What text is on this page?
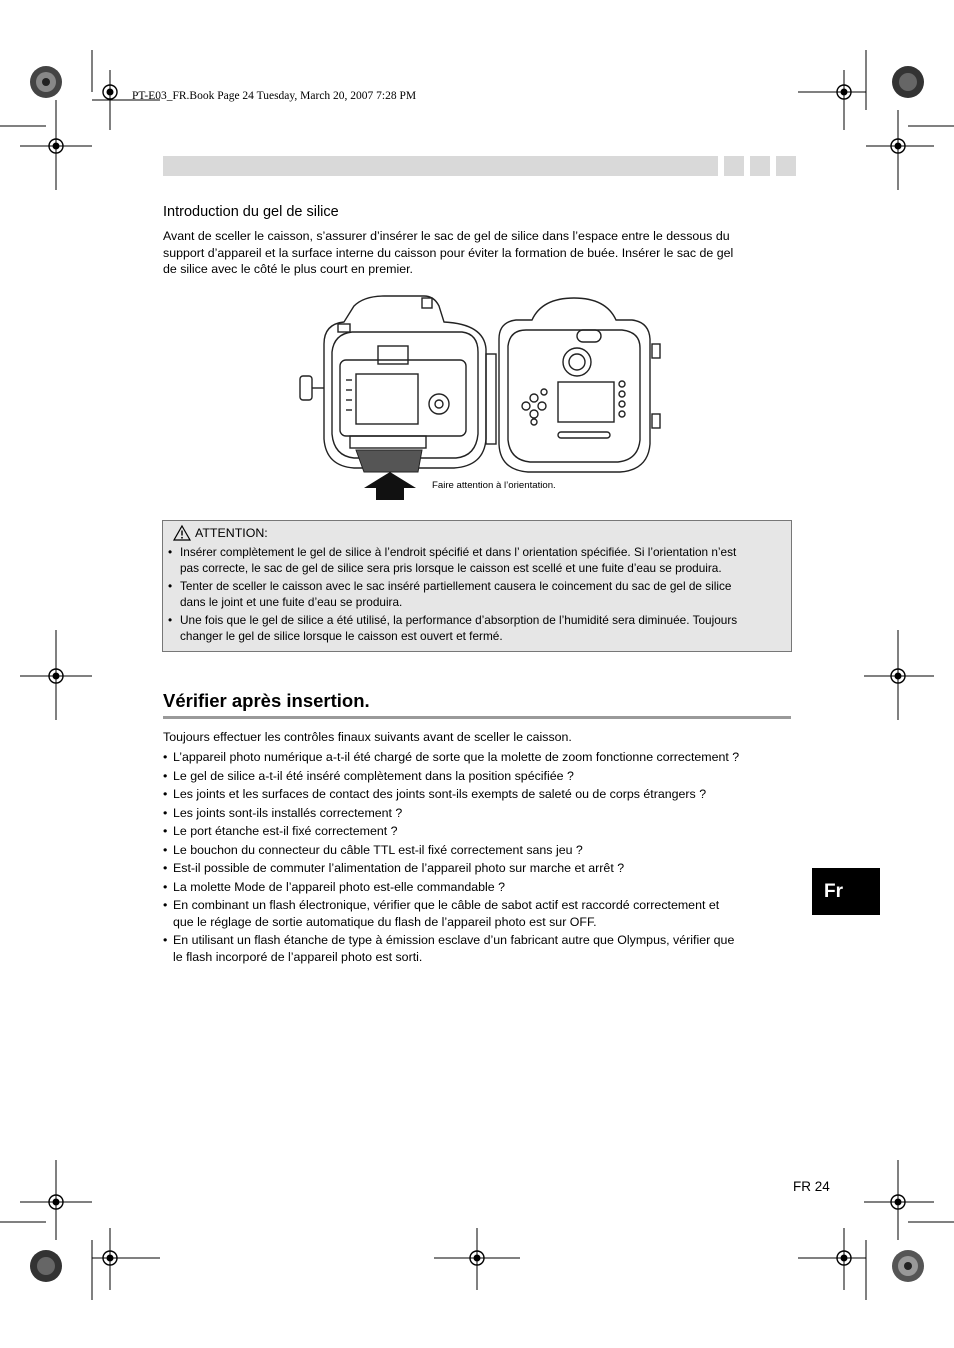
PT-E03_FR.Book Page 24 Tuesday, March 20, 2007 7:28 PM
Introduction du gel de silice
Avant de sceller le caisson, s’assurer d’insérer le sac de gel de silice dans l’espace entre le dessous du
support d’appareil et la surface interne du caisson pour éviter la formation de buée. Insérer le sac de gel
de silice avec le côté le plus court en premier.
Faire attention à l’orientation.
ATTENTION:
• Insérer complètement le gel de silice à l’endroit spécifié et dans l’ orientation spécifiée. Si l’orientation n’est
pas correcte, le sac de gel de silice sera pris lorsque le caisson est scellé et une fuite d’eau se produira.
• Tenter de sceller le caisson avec le sac inséré partiellement causera le coincement du sac de gel de silice
dans le joint et une fuite d’eau se produira.
• Une fois que le gel de silice a été utilisé, la performance d’absorption de l’humidité sera diminuée. Toujours
changer le gel de silice lorsque le caisson est ouvert et fermé.
Vérifier après insertion.
Toujours effectuer les contrôles finaux suivants avant de sceller le caisson.
• L’appareil photo numérique a-t-il été chargé de sorte que la molette de zoom fonctionne correctement ?
• Le gel de silice a-t-il été inséré complètement dans la position spécifiée ?
• Les joints et les surfaces de contact des joints sont-ils exempts de saleté ou de corps étrangers ?
• Les joints sont-ils installés correctement ?
• Le port étanche est-il fixé correctement ?
• Le bouchon du connecteur du câble TTL est-il fixé correctement sans jeu ?
• Est-il possible de commuter l’alimentation de l’appareil photo sur marche et arrêt ?
• La molette Mode de l’appareil photo est-elle commandable ?
• En combinant un flash électronique, vérifier que le câble de sabot actif est raccordé correctement et
que le réglage de sortie automatique du flash de l’appareil photo est sur OFF.
• En utilisant un flash étanche de type à émission esclave d’un fabricant autre que Olympus, vérifier que
le flash incorporé de l’appareil photo est sorti.
Fr
FR 24
